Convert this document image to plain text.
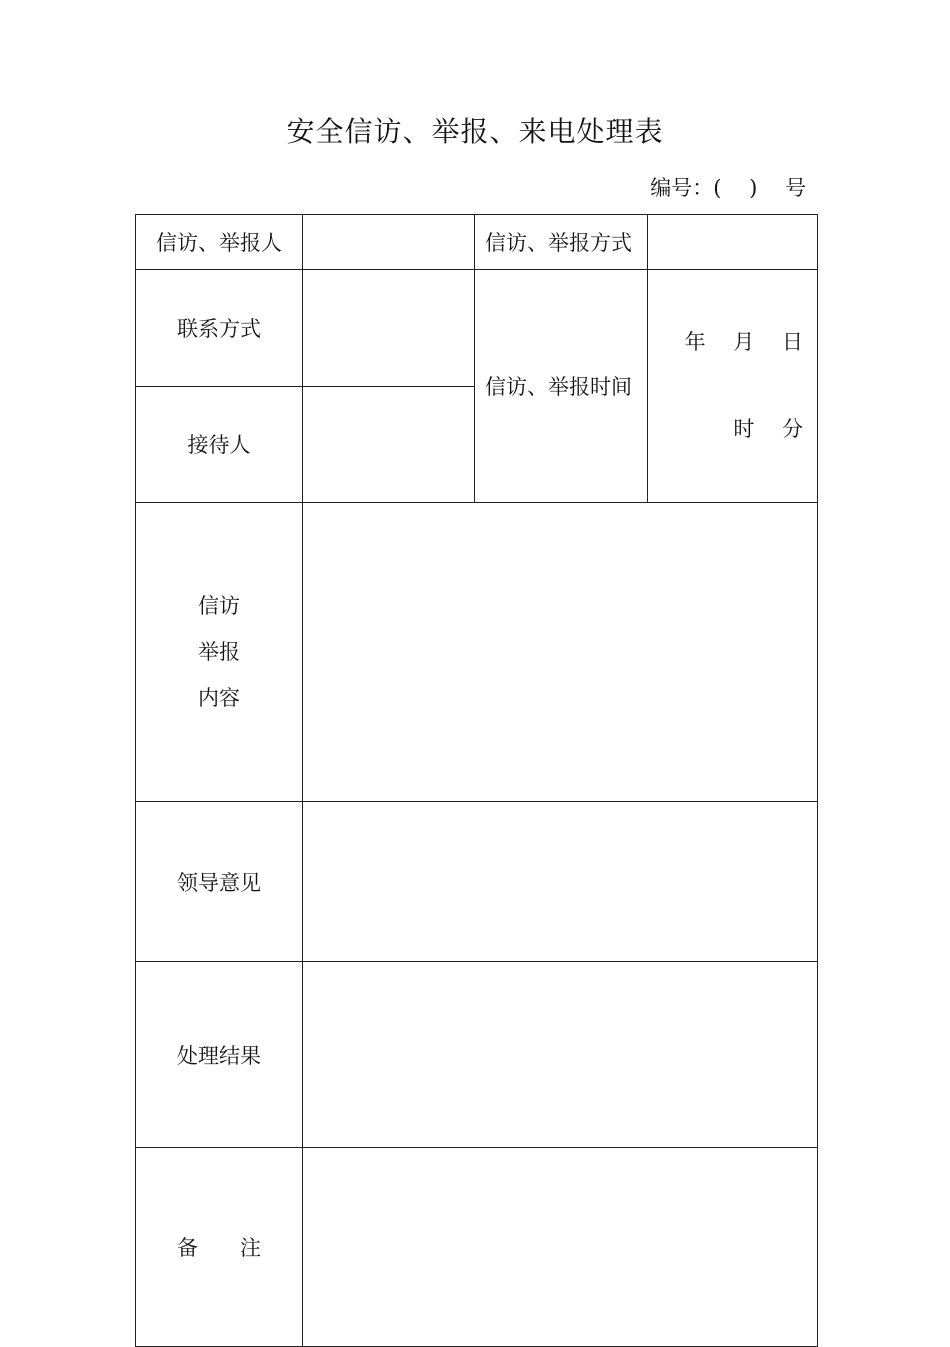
安全信访、举报、来电处理表
编号：(　 )　 号
信访、举报人		信访、举报方式	
联系方式		信访、举报时间	年　 月　 日

时　 分

接待人			

信访
举报
内容			

领导意见			
处理结果			
备　　注			
